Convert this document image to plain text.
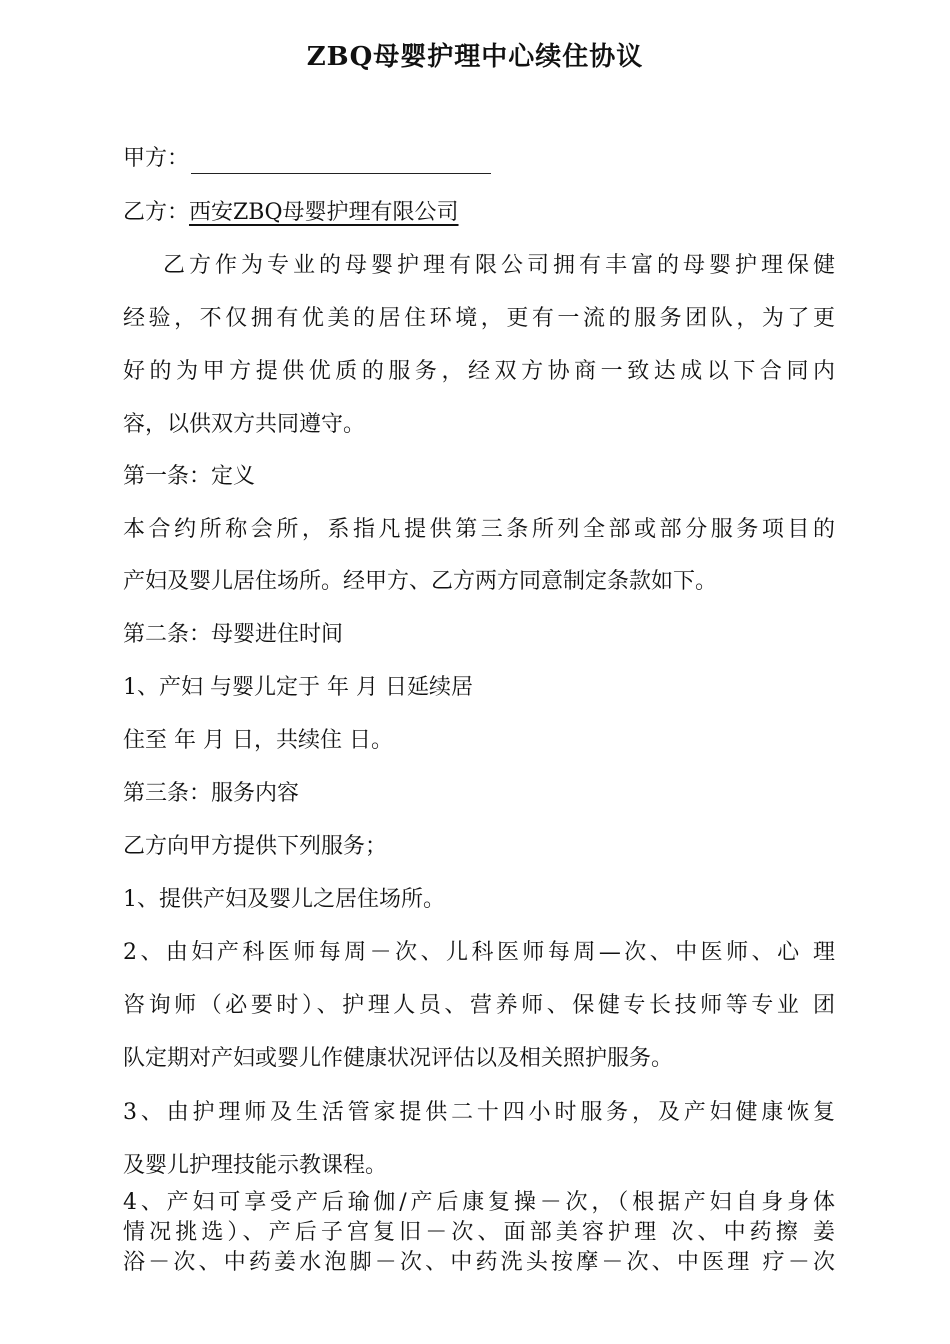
ZBQ母婴护理中心续住协议
甲方：
乙方：西安ZBQ母婴护理有限公司
乙方作为专业的母婴护理有限公司拥有丰富的母婴护理保健
经验，不仅拥有优美的居住环境，更有一流的服务团队，为了更
好的为甲方提供优质的服务，经双方协商一致达成以下合同内
容，以供双方共同遵守。
第一条：定义
本合约所称会所，系指凡提供第三条所列全部或部分服务项目的
产妇及婴儿居住场所。经甲方、乙方两方同意制定条款如下。
第二条：母婴进住时间
1、产妇 与婴儿定于 年 月 日延续居
住至 年 月 日，共续住 日。
第三条：服务内容
乙方向甲方提供下列服务；
1、提供产妇及婴儿之居住场所。
2、由妇产科医师每周－次、儿科医师每周—次、中医师、心 理
咨询师（必要时）、护理人员、营养师、保健专长技师等专业 团
队定期对产妇或婴儿作健康状况评估以及相关照护服务。
3、由护理师及生活管家提供二十四小时服务，及产妇健康恢复
及婴儿护理技能示教课程。
4、产妇可享受产后瑜伽/产后康复操－次，（根据产妇自身身体
情况挑选）、产后子宫复旧－次、面部美容护理 次、中药擦 姜
浴－次、中药姜水泡脚－次、中药洗头按摩－次、中医理 疗－次
